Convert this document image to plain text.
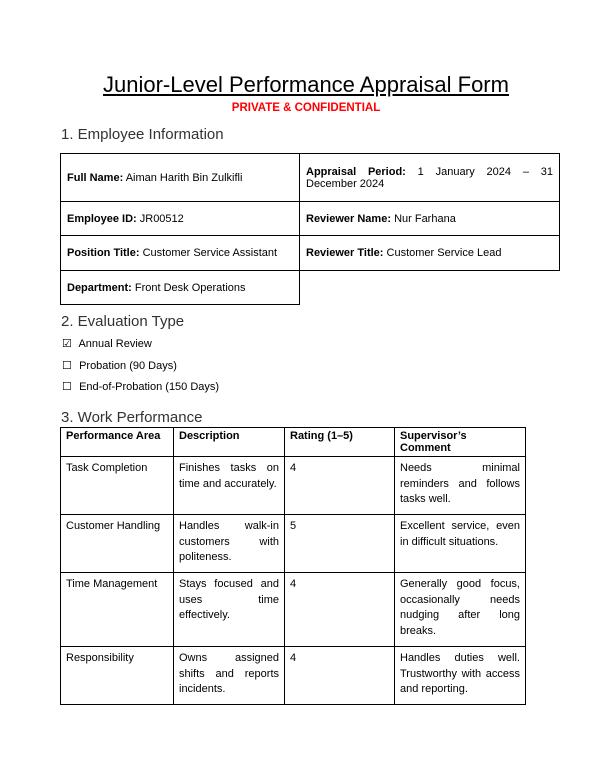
Junior-Level Performance Appraisal Form
PRIVATE & CONFIDENTIAL
1. Employee Information
Full Name: Aiman Harith Bin Zulkifli	Appraisal Period: 1 January 2024 – 31 December 2024
Employee ID: JR00512	Reviewer Name: Nur Farhana
Position Title: Customer Service Assistant	Reviewer Title: Customer Service Lead
Department: Front Desk Operations	
2. Evaluation Type
☑ Annual Review
☐ Probation (90 Days)
☐ End-of-Probation (150 Days)
3. Work Performance
Performance Area	Description	Rating (1–5)	Supervisor’s Comment
Task Completion	Finishes tasks on time and accurately.	4	Needs minimal reminders and follows tasks well.
Customer Handling	Handles walk-in customers with politeness.	5	Excellent service, even in difficult situations.
Time Management	Stays focused and uses time effectively.	4	Generally good focus, occasionally needs nudging after long breaks.
Responsibility	Owns assigned shifts and reports incidents.	4	Handles duties well. Trustworthy with access and reporting.
